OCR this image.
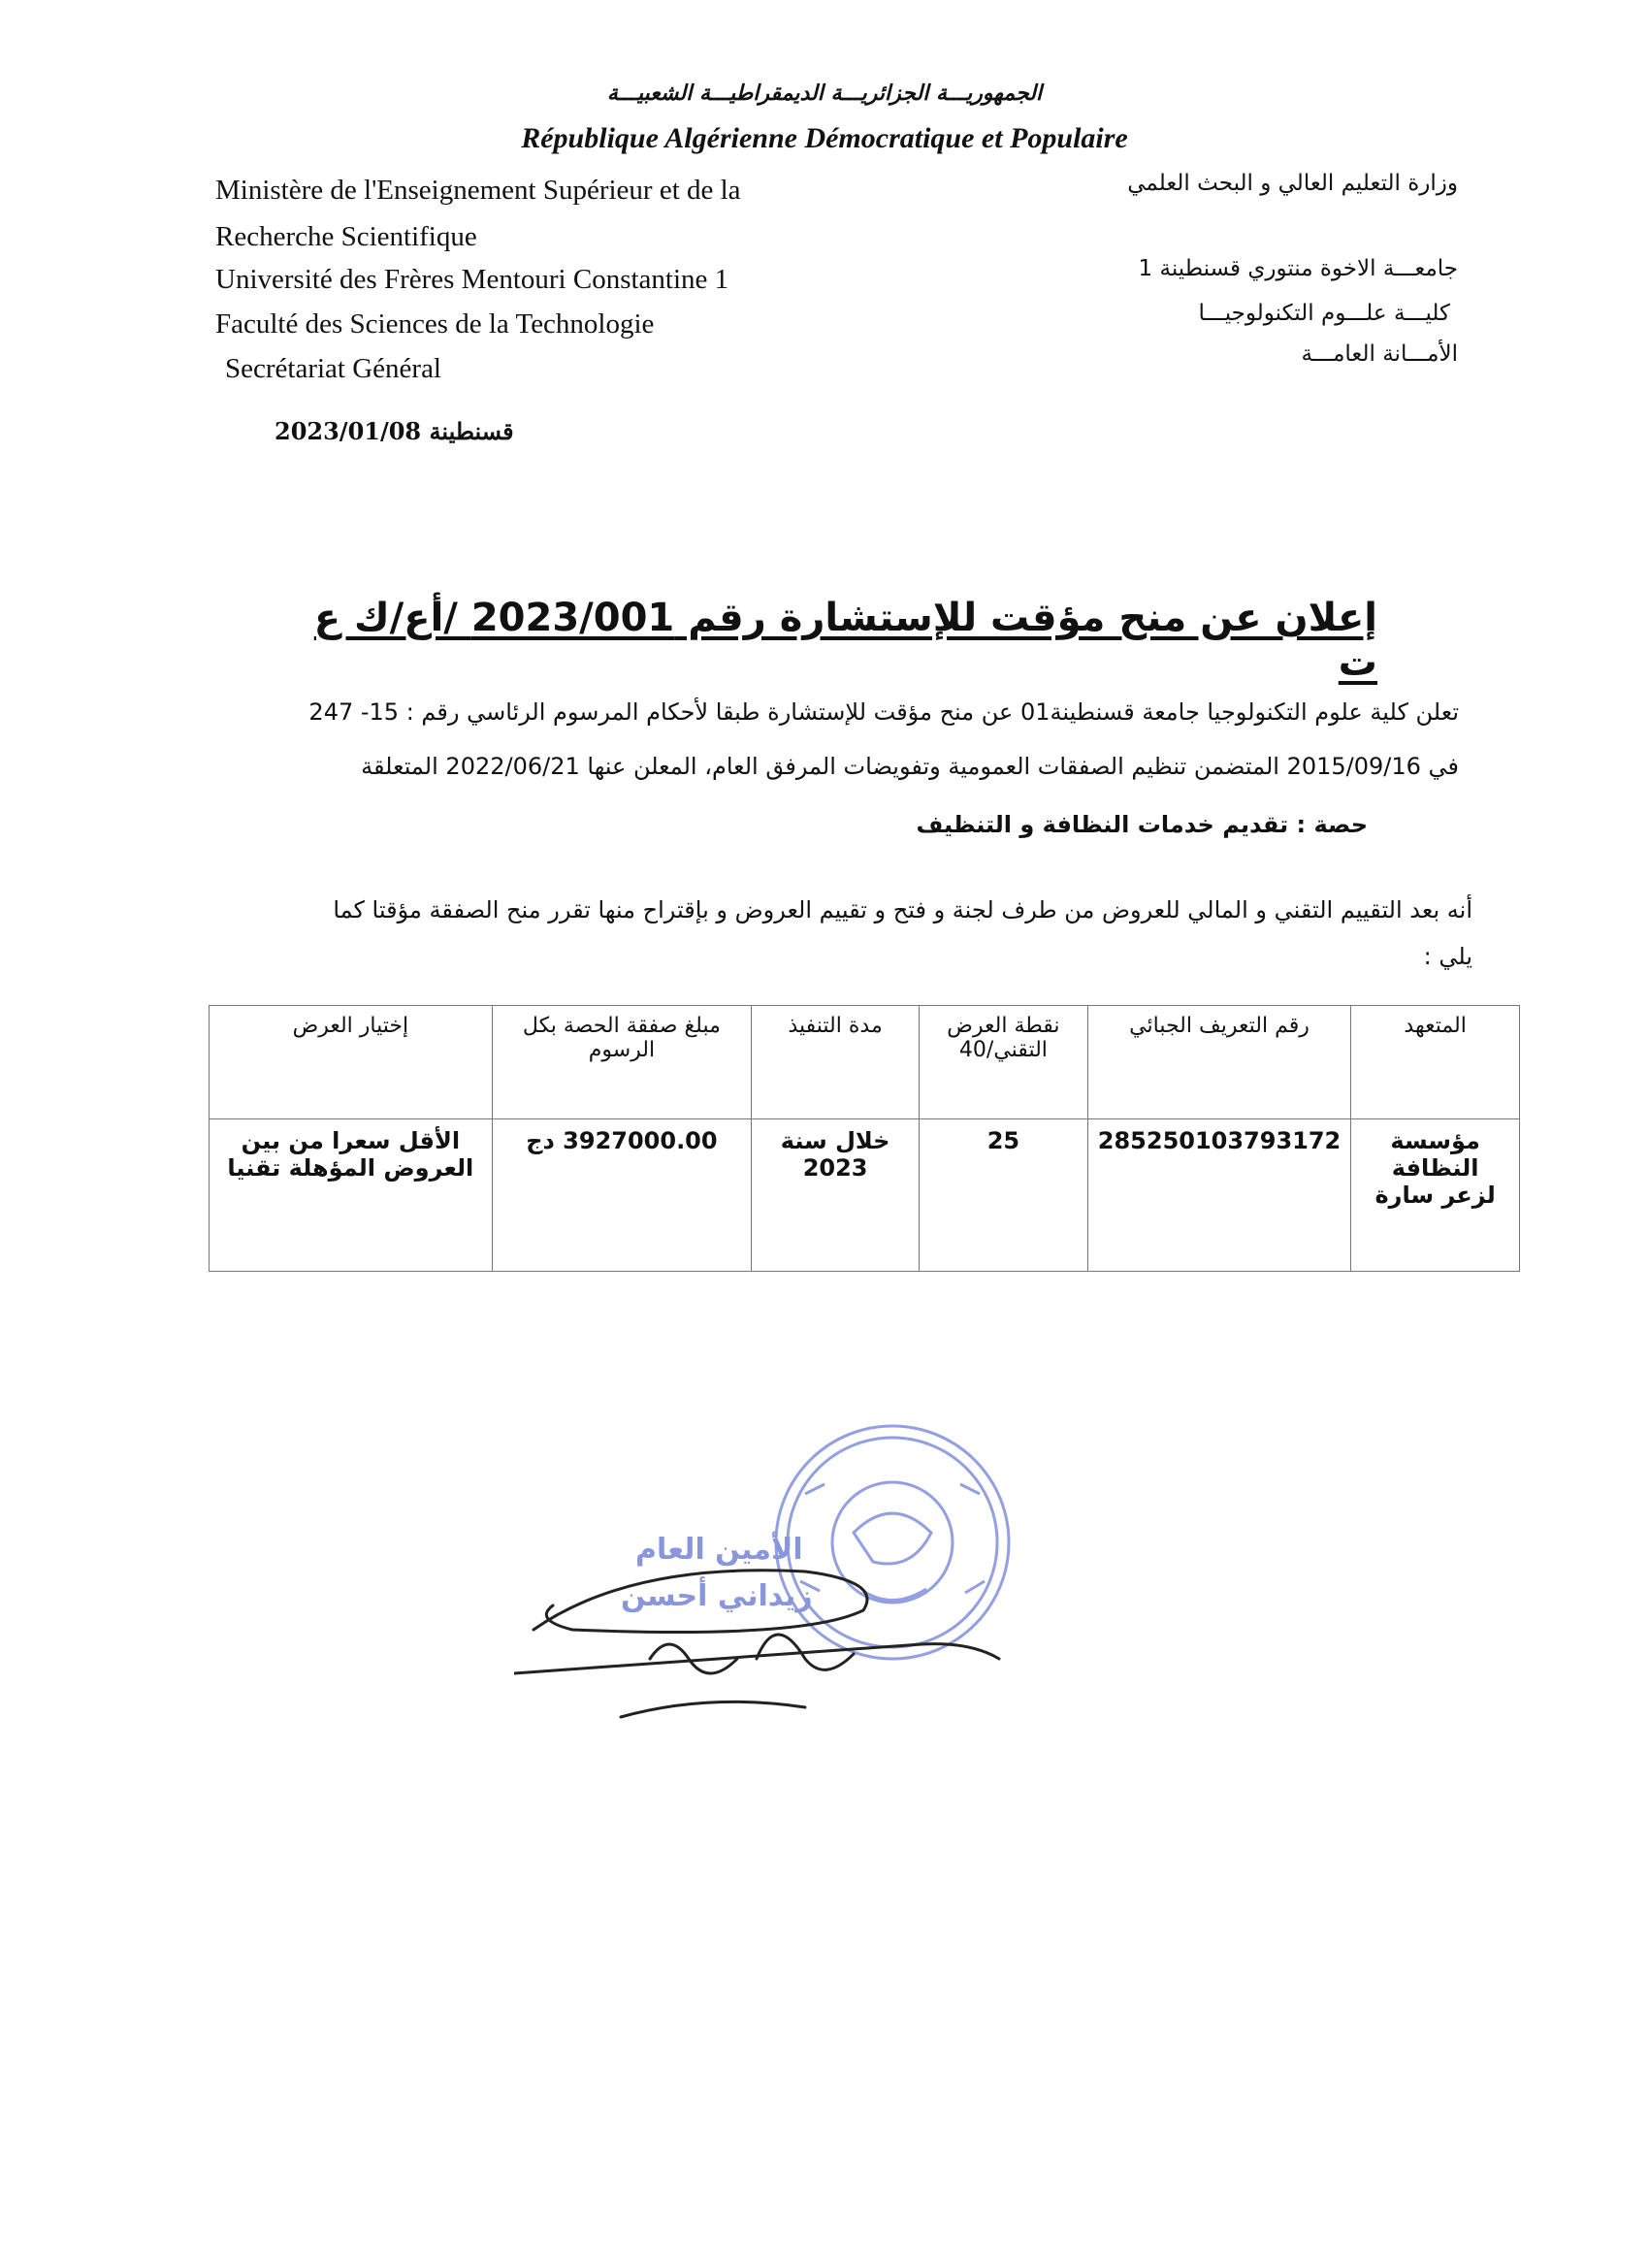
الجمهوريـــة الجزائريـــة الديمقراطيـــة الشعبيـــة
République Algérienne Démocratique et Populaire
Ministère de l'Enseignement Supérieur et de la
Recherche Scientifique
Université des Frères Mentouri Constantine 1
Faculté des Sciences de la Technologie
Secrétariat Général
وزارة التعليم العالي و البحث العلمي
جامعـــة الاخوة منتوري قسنطينة 1
كليـــة علـــوم التكنولوجيـــا
الأمـــانة العامـــة
قسنطينة 2023/01/08
إعلان عن منح مؤقت للإستشارة رقم 2023/001 /أع/ك ع ت
تعلن كلية علوم التكنولوجيا جامعة قسنطينة01 عن منح مؤقت للإستشارة طبقا لأحكام المرسوم الرئاسي رقم : 15- 247
في 2015/09/16 المتضمن تنظيم الصفقات العمومية وتفويضات المرفق العام، المعلن عنها 2022/06/21 المتعلقة
حصة : تقديم خدمات النظافة و التنظيف
أنه بعد التقييم التقني و المالي للعروض من طرف لجنة و فتح و تقييم العروض و بإقتراح منها تقرر منح الصفقة مؤقتا كما
يلي :
المتعهد	رقم التعريف الجبائي	نقطة العرض التقني/40	مدة التنفيذ	مبلغ صفقة الحصة بكل الرسوم	إختيار العرض
مؤسسة النظافة لزعر سارة	285250103793172	25	خلال سنة 2023	3927000.00 دج	الأقل سعرا من بين العروض المؤهلة تقنيا
الأمين العام
زيداني أحسن
